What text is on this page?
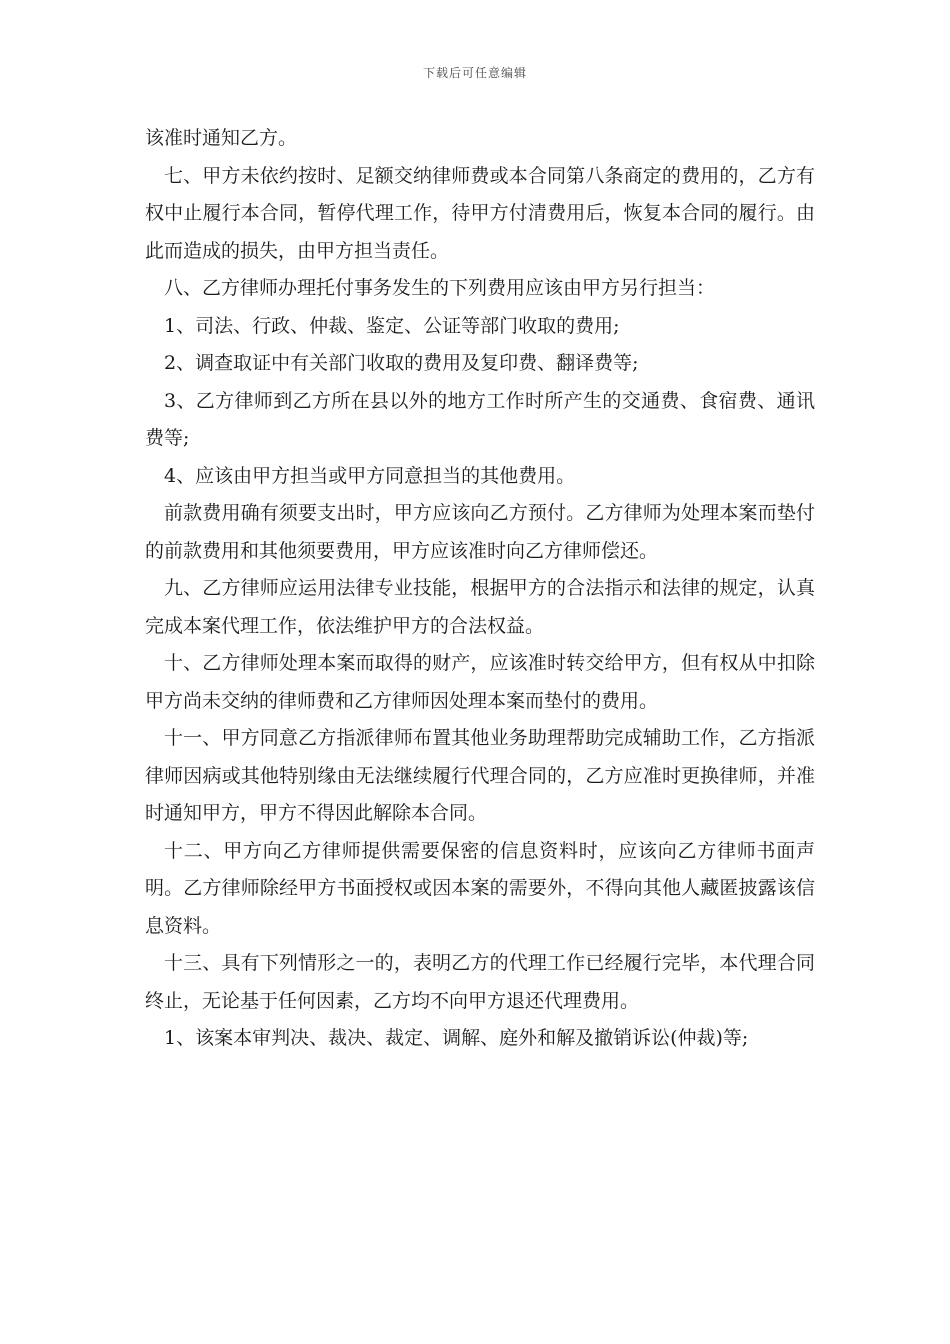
下载后可任意编辑

该准时通知乙方。

七、甲方未依约按时、足额交纳律师费或本合同第八条商定的费用的，乙方有权中止履行本合同，暂停代理工作，待甲方付清费用后，恢复本合同的履行。由此而造成的损失，由甲方担当责任。

八、乙方律师办理托付事务发生的下列费用应该由甲方另行担当：

1、司法、行政、仲裁、鉴定、公证等部门收取的费用;

2、调查取证中有关部门收取的费用及复印费、翻译费等;

3、乙方律师到乙方所在县以外的地方工作时所产生的交通费、食宿费、通讯费等;

4、应该由甲方担当或甲方同意担当的其他费用。

前款费用确有须要支出时，甲方应该向乙方预付。乙方律师为处理本案而垫付的前款费用和其他须要费用，甲方应该准时向乙方律师偿还。

九、乙方律师应运用法律专业技能，根据甲方的合法指示和法律的规定，认真完成本案代理工作，依法维护甲方的合法权益。

十、乙方律师处理本案而取得的财产，应该准时转交给甲方，但有权从中扣除甲方尚未交纳的律师费和乙方律师因处理本案而垫付的费用。

十一、甲方同意乙方指派律师布置其他业务助理帮助完成辅助工作，乙方指派律师因病或其他特别缘由无法继续履行代理合同的，乙方应准时更换律师，并准时通知甲方，甲方不得因此解除本合同。

十二、甲方向乙方律师提供需要保密的信息资料时，应该向乙方律师书面声明。乙方律师除经甲方书面授权或因本案的需要外，不得向其他人藏匿披露该信息资料。

十三、具有下列情形之一的，表明乙方的代理工作已经履行完毕，本代理合同终止，无论基于任何因素，乙方均不向甲方退还代理费用。

1、该案本审判决、裁决、裁定、调解、庭外和解及撤销诉讼(仲裁)等;
